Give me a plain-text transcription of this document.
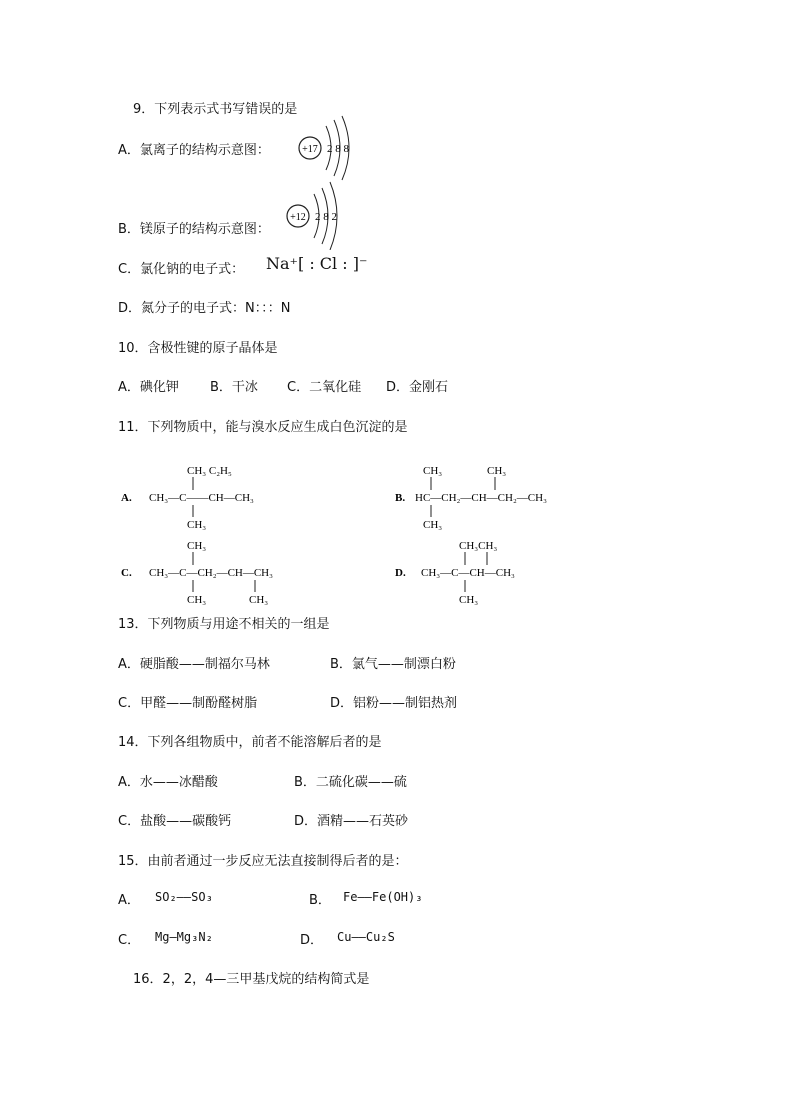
9．下列表示式书写错误的是
A．氯离子的结构示意图：	+17 2 8 8
B．镁原子的结构示意图：
+12 2 8 2
C．氯化钠的电子式： Na⁺[ : Cl : ]⁻
D．氮分子的电子式：N：：：N
10．含极性键的原子晶体是
A．碘化钾 B．干冰 C．二氧化硅 D．金刚石
11．下列物质中，能与溴水反应生成白色沉淀的是
A.
CH₃ C₂H₅
CH₃—C——CH—CH₃
CH₃
B.
CH₃	CH₃
HC—CH₂—CH—CH₂—CH₃
CH₃
C.
CH₃
CH₃—C—CH₂—CH—CH₃
CH₃	CH₃
D.
CH₃CH₃
CH₃—C—CH—CH₃
CH₃
13．下列物质与用途不相关的一组是
A．硬脂酸——制福尔马林	B．氯气——制漂白粉
C．甲醛——制酚醛树脂	D．铝粉——制铝热剂
14．下列各组物质中，前者不能溶解后者的是
A．水——冰醋酸	B．二硫化碳——硫
C．盐酸——碳酸钙	D．酒精——石英砂
15．由前者通过一步反应无法直接制得后者的是：
A． SO₂——SO₃	B． Fe——Fe(OH)₃
C． Mg—Mg₃N₂	D． Cu——Cu₂S
16．2，2，4—三甲基戊烷的结构简式是
